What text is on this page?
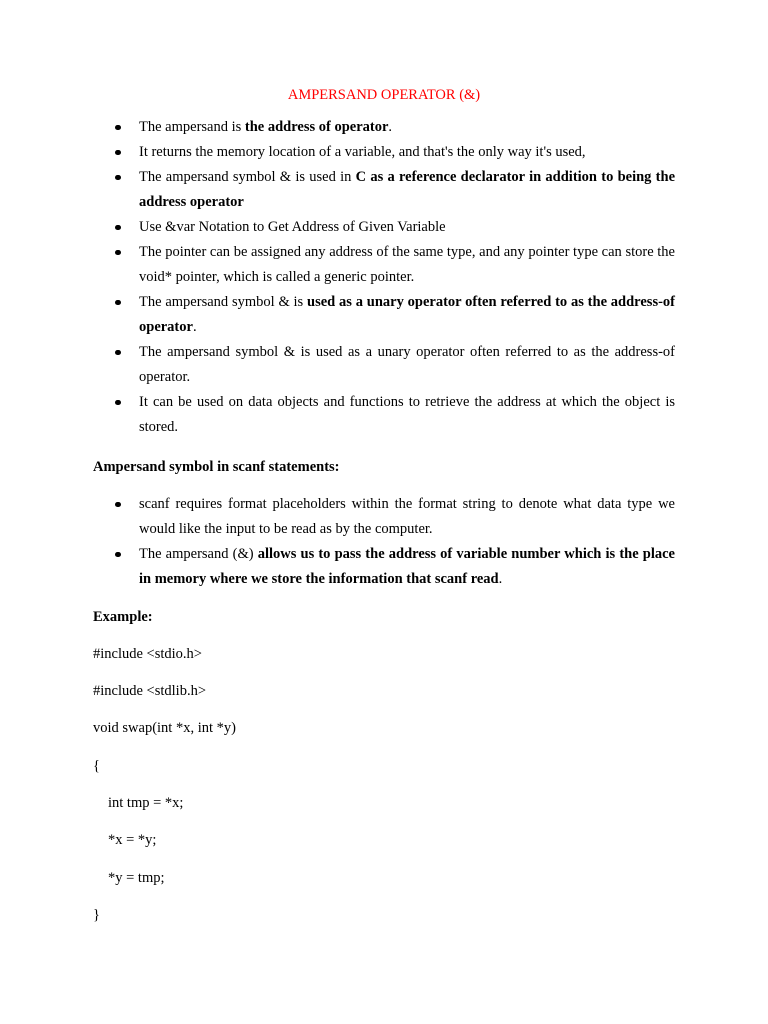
AMPERSAND OPERATOR (&)
The ampersand is the address of operator.
It returns the memory location of a variable, and that's the only way it's used,
The ampersand symbol & is used in C as a reference declarator in addition to being the address operator
Use &var Notation to Get Address of Given Variable
The pointer can be assigned any address of the same type, and any pointer type can store the void* pointer, which is called a generic pointer.
The ampersand symbol & is used as a unary operator often referred to as the address-of operator.
The ampersand symbol & is used as a unary operator often referred to as the address-of operator.
It can be used on data objects and functions to retrieve the address at which the object is stored.
Ampersand symbol in scanf statements:
scanf requires format placeholders within the format string to denote what data type we would like the input to be read as by the computer.
The ampersand (&) allows us to pass the address of variable number which is the place in memory where we store the information that scanf read.
Example:
#include <stdio.h>
#include <stdlib.h>
void swap(int *x, int *y)
{
int tmp = *x;
*x = *y;
*y = tmp;
}
